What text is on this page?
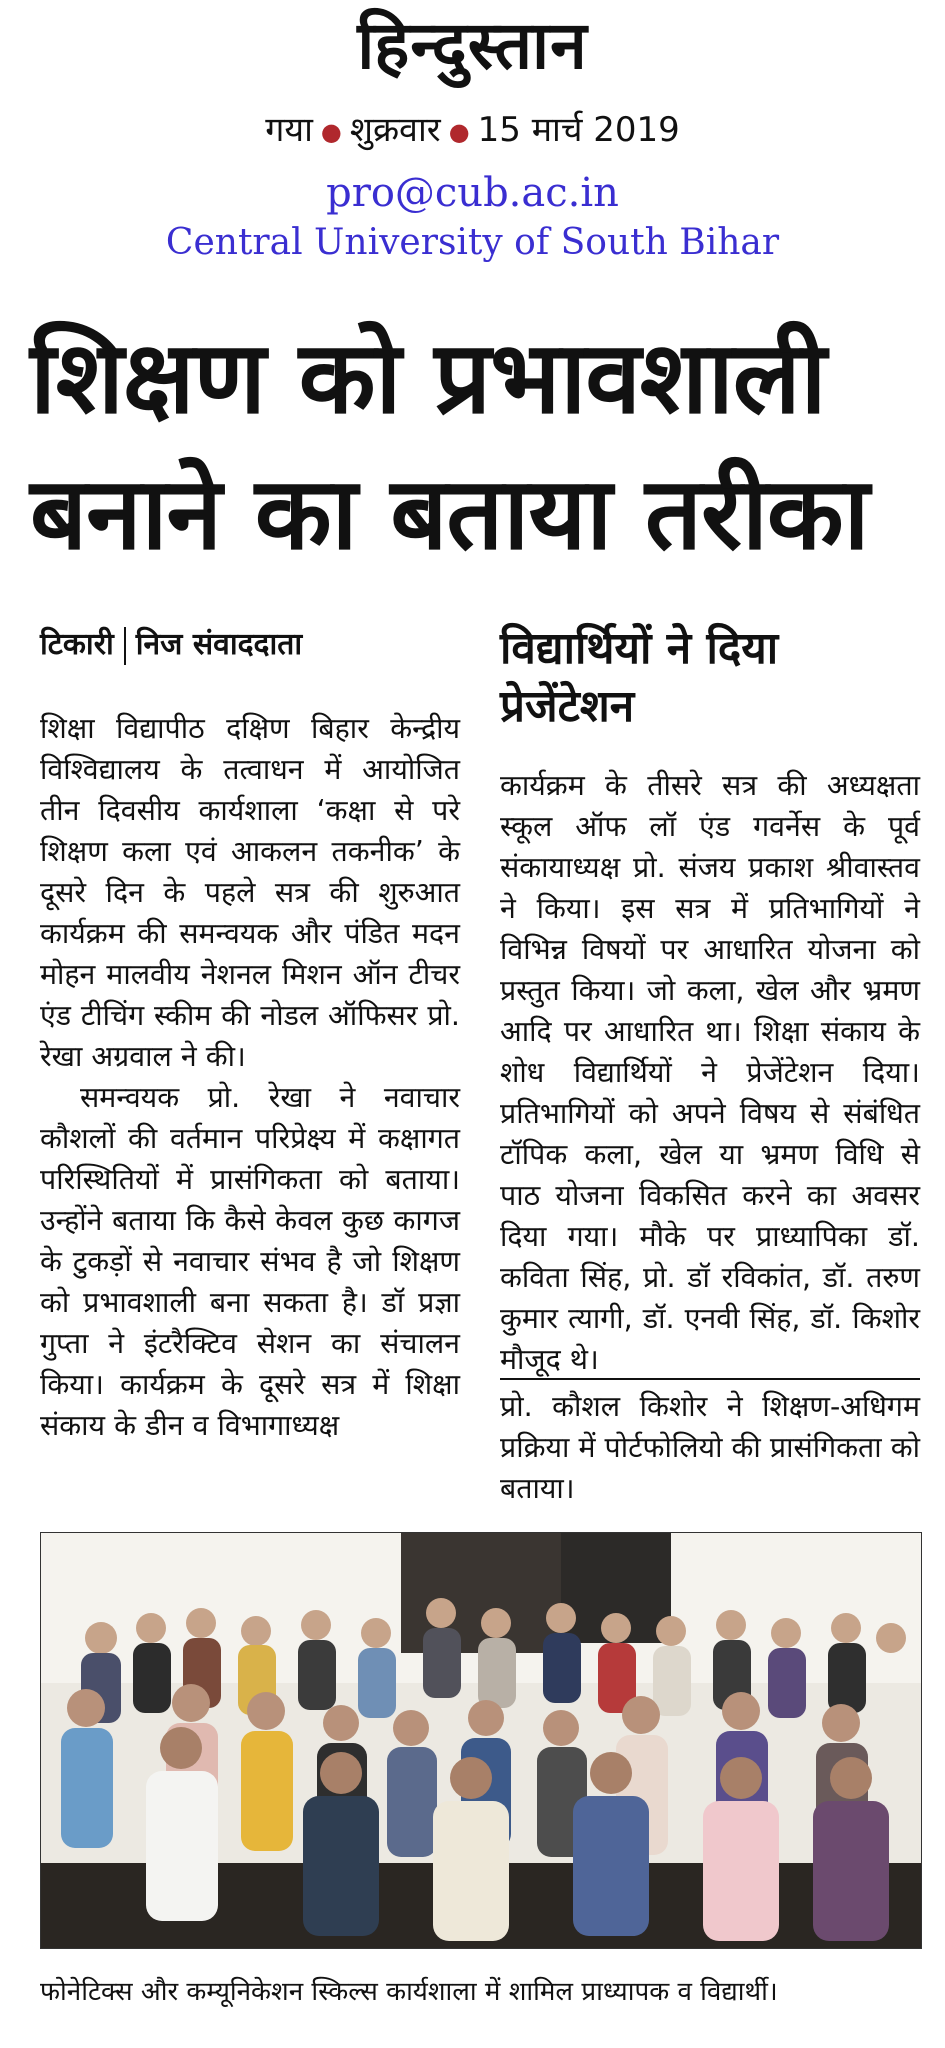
हिन्दुस्तान
गया ● शुक्रवार ● 15 मार्च 2019
pro@cub.ac.in
Central University of South Bihar
शिक्षण को प्रभावशाली
बनाने का बताया तरीका
टिकारी निज संवाददाता

शिक्षा विद्यापीठ दक्षिण बिहार केन्द्रीय विश्विद्यालय के तत्वाधन में आयोजित तीन दिवसीय कार्यशाला ‘कक्षा से परे शिक्षण कला एवं आकलन तकनीक’ के दूसरे दिन के पहले सत्र की शुरुआत कार्यक्रम की समन्वयक और पंडित मदन मोहन मालवीय नेशनल मिशन ऑन टीचर एंड टीचिंग स्कीम की नोडल ऑफिसर प्रो. रेखा अग्रवाल ने की।

समन्वयक प्रो. रेखा ने नवाचार कौशलों की वर्तमान परिप्रेक्ष्य में कक्षागत परिस्थितियों में प्रासंगिकता को बताया। उन्होंने बताया कि कैसे केवल कुछ कागज के टुकड़ों से नवाचार संभव है जो शिक्षण को प्रभावशाली बना सकता है। डॉ प्रज्ञा गुप्ता ने इंटरैक्टिव सेशन का संचालन किया। कार्यक्रम के दूसरे सत्र में शिक्षा संकाय के डीन व विभागाध्यक्ष

विद्यार्थियों ने दिया प्रेजेंटेशन

कार्यक्रम के तीसरे सत्र की अध्यक्षता स्कूल ऑफ लॉ एंड गवर्नेस के पूर्व संकायाध्यक्ष प्रो. संजय प्रकाश श्रीवास्तव ने किया। इस सत्र में प्रतिभागियों ने विभिन्न विषयों पर आधारित योजना को प्रस्तुत किया। जो कला, खेल और भ्रमण आदि पर आधारित था। शिक्षा संकाय के शोध विद्यार्थियों ने प्रेजेंटेशन दिया। प्रतिभागियों को अपने विषय से संबंधित टॉपिक कला, खेल या भ्रमण विधि से पाठ योजना विकसित करने का अवसर दिया गया। मौके पर प्राध्यापिका डॉ. कविता सिंह, प्रो. डॉ रविकांत, डॉ. तरुण कुमार त्यागी, डॉ. एनवी सिंह, डॉ. किशोर मौजूद थे।

प्रो. कौशल किशोर ने शिक्षण-अधिगम प्रक्रिया में पोर्टफोलियो की प्रासंगिकता को बताया।

फोनेटिक्स और कम्यूनिकेशन स्किल्स कार्यशाला में शामिल प्राध्यापक व विद्यार्थी।
